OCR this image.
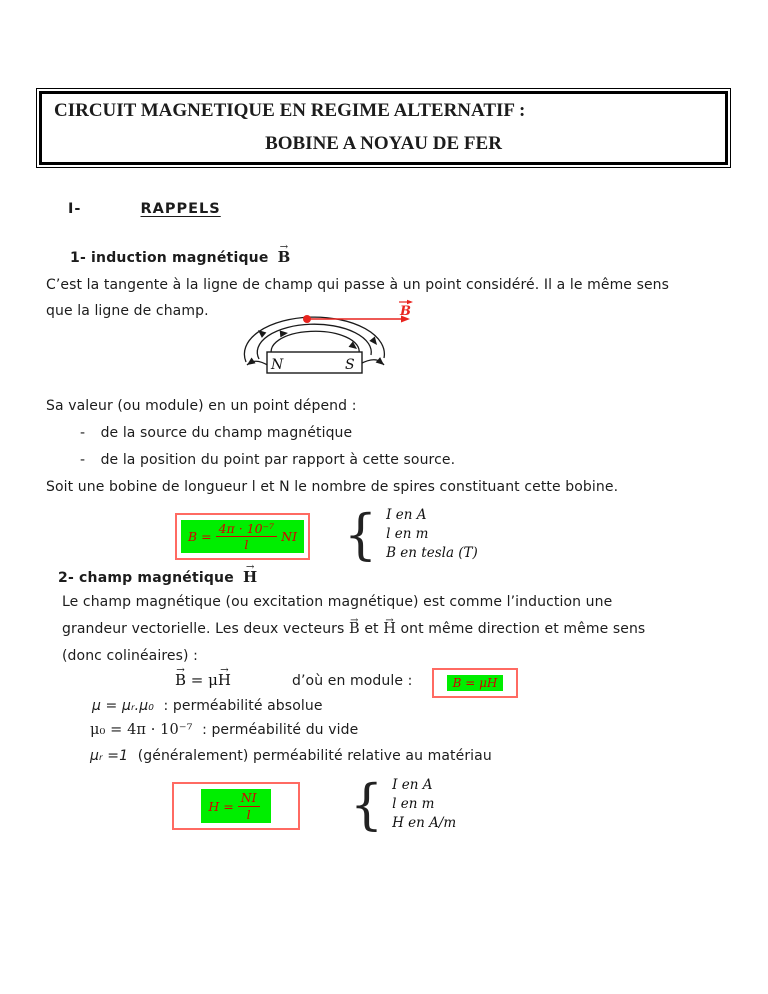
CIRCUIT MAGNETIQUE EN REGIME ALTERNATIF :
BOBINE A NOYAU DE FER
I-	RAPPELS
1- induction magnétique B →
C’est la tangente à la ligne de champ qui passe à un point considéré. Il a le même sens
que la ligne de champ.
N	S
B
Sa valeur (ou module) en un point dépend :
- de la source du champ magnétique
- de la position du point par rapport à cette source.
Soit une bobine de longueur l et N le nombre de spires constituant cette bobine.
$B = \frac{\text{4π · 10⁻⁷}}{l}$ NI { I en A
l en m
B en tesla (T)
2- champ magnétique H →
Le champ magnétique (ou excitation magnétique) est comme l’induction une
grandeur vectorielle. Les deux vecteurs B → et H → ont même direction et même sens
(donc colinéaires) :
B → = μH →	d’où en module :	B = μH
μ = μᵣ.μ₀ : perméabilité absolue
μ₀ = 4π · 10⁻⁷ : perméabilité du vide
μᵣ =1 (généralement) perméabilité relative au matériau
$H = \frac{NI}{l}$ { I en A
l en m
H en A/m
